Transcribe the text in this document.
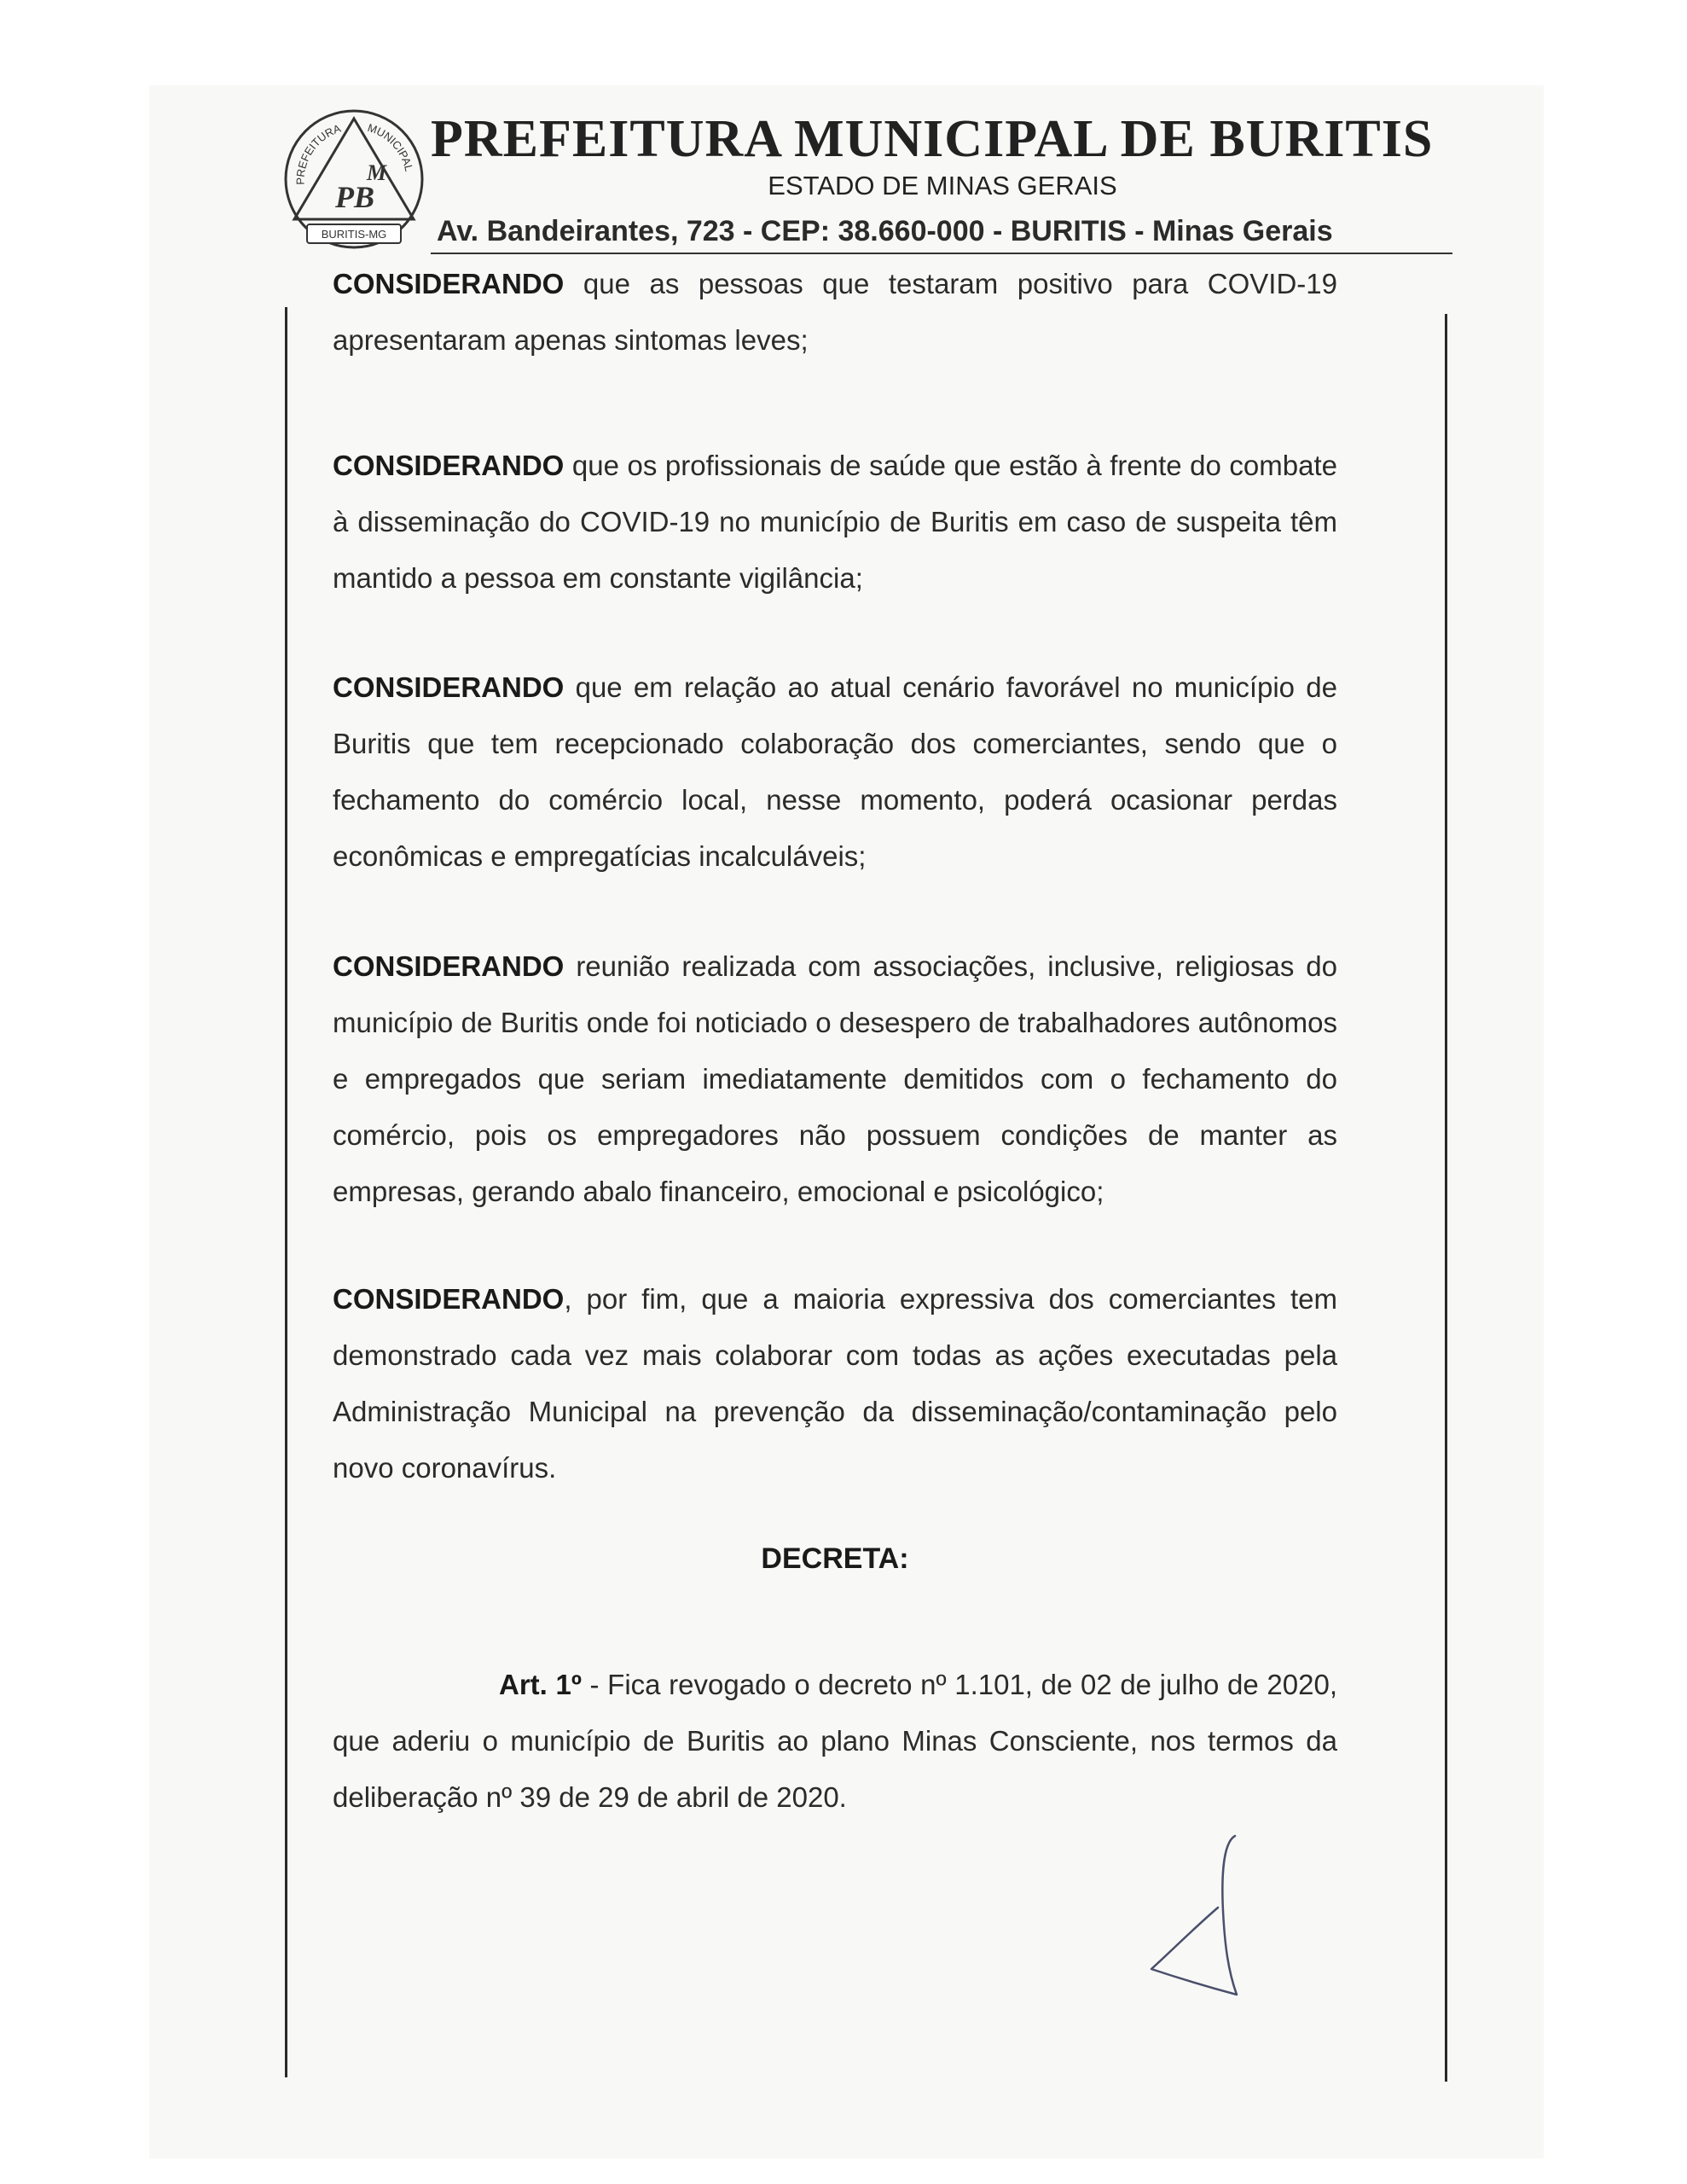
PREFEITURA MUNICIPAL
M
PB
BURITIS-MG
PREFEITURA MUNICIPAL DE BURITIS
ESTADO DE MINAS GERAIS
Av. Bandeirantes, 723 - CEP: 38.660-000 - BURITIS - Minas Gerais

CONSIDERANDO que as pessoas que testaram positivo para COVID-19 apresentaram apenas sintomas leves;

CONSIDERANDO que os profissionais de saúde que estão à frente do combate à disseminação do COVID-19 no município de Buritis em caso de suspeita têm mantido a pessoa em constante vigilância;

CONSIDERANDO que em relação ao atual cenário favorável no município de Buritis que tem recepcionado colaboração dos comerciantes, sendo que o fechamento do comércio local, nesse momento, poderá ocasionar perdas econômicas e empregatícias incalculáveis;

CONSIDERANDO reunião realizada com associações, inclusive, religiosas do município de Buritis onde foi noticiado o desespero de trabalhadores autônomos e empregados que seriam imediatamente demitidos com o fechamento do comércio, pois os empregadores não possuem condições de manter as empresas, gerando abalo financeiro, emocional e psicológico;

CONSIDERANDO, por fim, que a maioria expressiva dos comerciantes tem demonstrado cada vez mais colaborar com todas as ações executadas pela Administração Municipal na prevenção da disseminação/contaminação pelo novo coronavírus.

DECRETA:

Art. 1º - Fica revogado o decreto nº 1.101, de 02 de julho de 2020, que aderiu o município de Buritis ao plano Minas Consciente, nos termos da deliberação nº 39 de 29 de abril de 2020.
